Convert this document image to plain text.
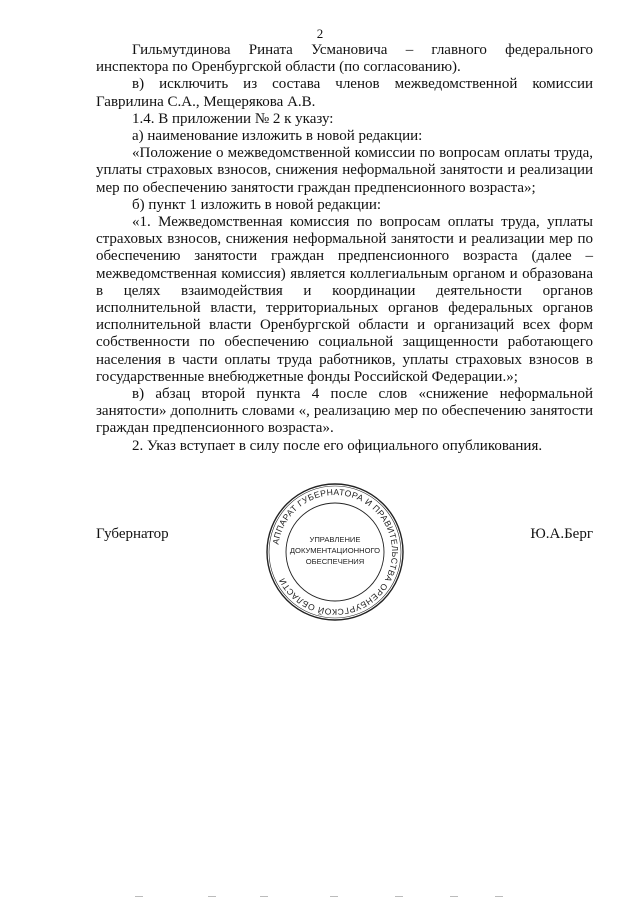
2

Гильмутдинова Рината Усмановича – главного федерального инспектора по Оренбургской области (по согласованию).

в) исключить из состава членов межведомственной комиссии Гаврилина С.А., Мещерякова А.В.

1.4. В приложении № 2 к указу:

а) наименование изложить в новой редакции:

«Положение о межведомственной комиссии по вопросам оплаты труда, уплаты страховых взносов, снижения неформальной занятости и реализации мер по обеспечению занятости граждан предпенсионного возраста»;

б) пункт 1 изложить в новой редакции:

«1. Межведомственная комиссия по вопросам оплаты труда, уплаты страховых взносов, снижения неформальной занятости и реализации мер по обеспечению занятости граждан предпенсионного возраста (далее – межведомственная комиссия) является коллегиальным органом и образована в целях взаимодействия и координации деятельности органов исполнительной власти, территориальных органов федеральных органов исполнительной власти Оренбургской области и организаций всех форм собственности по обеспечению социальной защищенности работающего населения в части оплаты труда работников, уплаты страховых взносов в государственные внебюджетные фонды Российской Федерации.»;

в) абзац второй пункта 4 после слов «снижение неформальной занятости» дополнить словами «, реализацию мер по обеспечению занятости граждан предпенсионного возраста».

2. Указ вступает в силу после его официального опубликования.

Губернатор	Ю.А.Берг
АППАРАТ ГУБЕРНАТОРА И ПРАВИТЕЛЬСТВА ОРЕНБУРГСКОЙ ОБЛАСТИ
УПРАВЛЕНИЕ
ДОКУМЕНТАЦИОННОГО
ОБЕСПЕЧЕНИЯ
